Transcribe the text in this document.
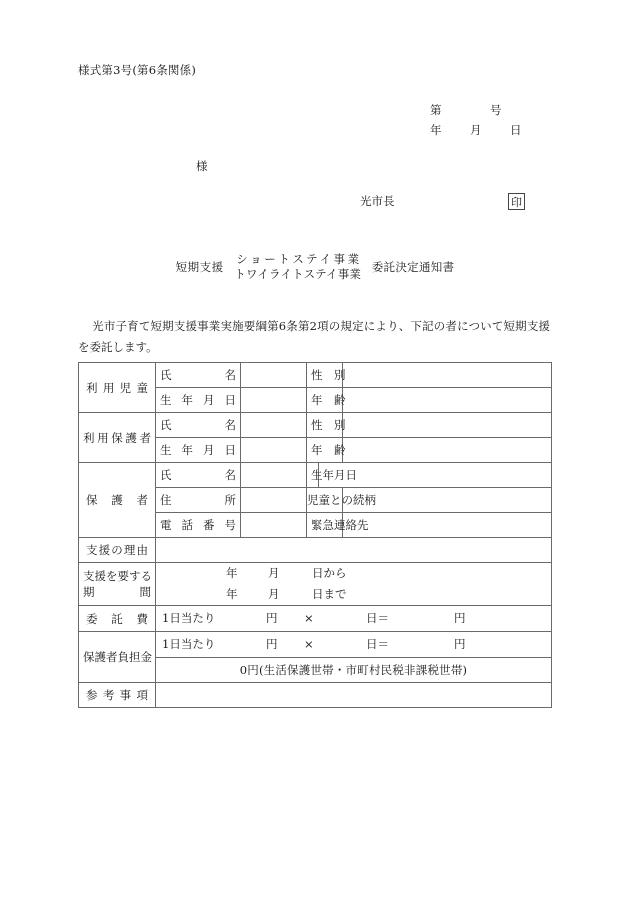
様式第3号(第6条関係)
第	号
年	月	日
様
光市長	印
短期支援
ショートステイ事業
トワイライトステイ事業 委託決定通知書
光市子育て短期支援事業実施要綱第6条第2項の規定により、下記の者について短期支援を委託します。
利用児童	氏　名		性　別		

	生年月日		年　齢		

利用保護者	氏　名		性　別		

	生年月日		年　齢		

保護者	氏　名		生年月日		

	住　所		児童との続柄		

	電話番号		緊急連絡先		

支援の理由					

支援を要する
期　　　間

年	月	日から
年	月	日まで

委託費	1日当たり 円 × 日＝ 円				

保護者負担金	1日当たり 円 × 日＝ 円				

	0円(生活保護世帯・市町村民税非課税世帯)				

参考事項					
